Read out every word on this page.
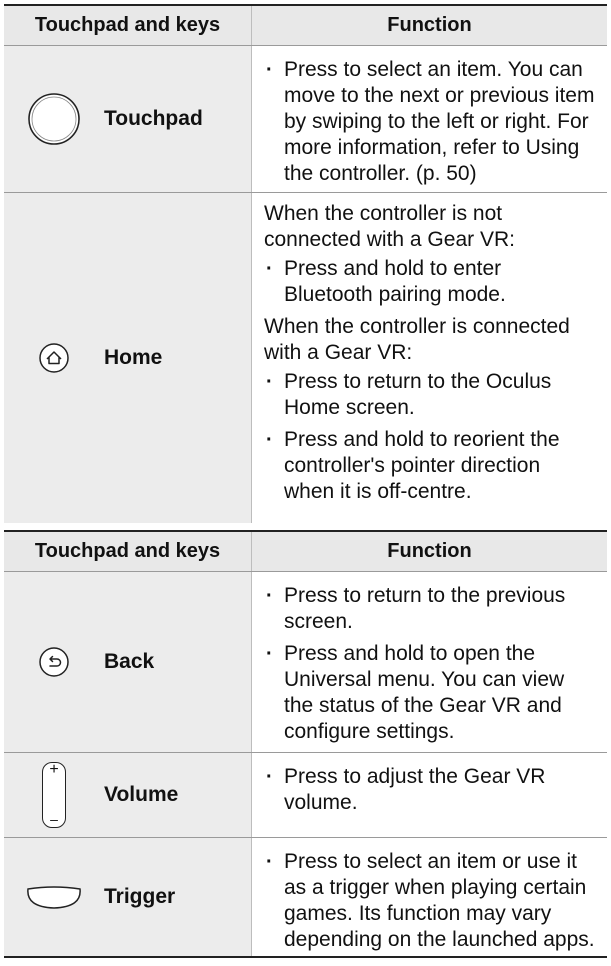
Touchpad and keys	Function
Touchpad
· Press to select an item. You can move to the next or previous item by swiping to the left or right. For more information, refer to Using the controller. (p. 50)
Home

When the controller is not connected with a Gear VR:

· Press and hold to enter Bluetooth pairing mode.

When the controller is connected with a Gear VR:

· Press to return to the Oculus Home screen.
· Press and hold to reorient the controller's pointer direction when it is off-centre.
Touchpad and keys	Function
Back
· Press to return to the previous screen.
· Press and hold to open the Universal menu. You can view the status of the Gear VR and configure settings.
+
–
Volume
· Press to adjust the Gear VR volume.
Trigger
· Press to select an item or use it as a trigger when playing certain games. Its function may vary depending on the launched apps.
